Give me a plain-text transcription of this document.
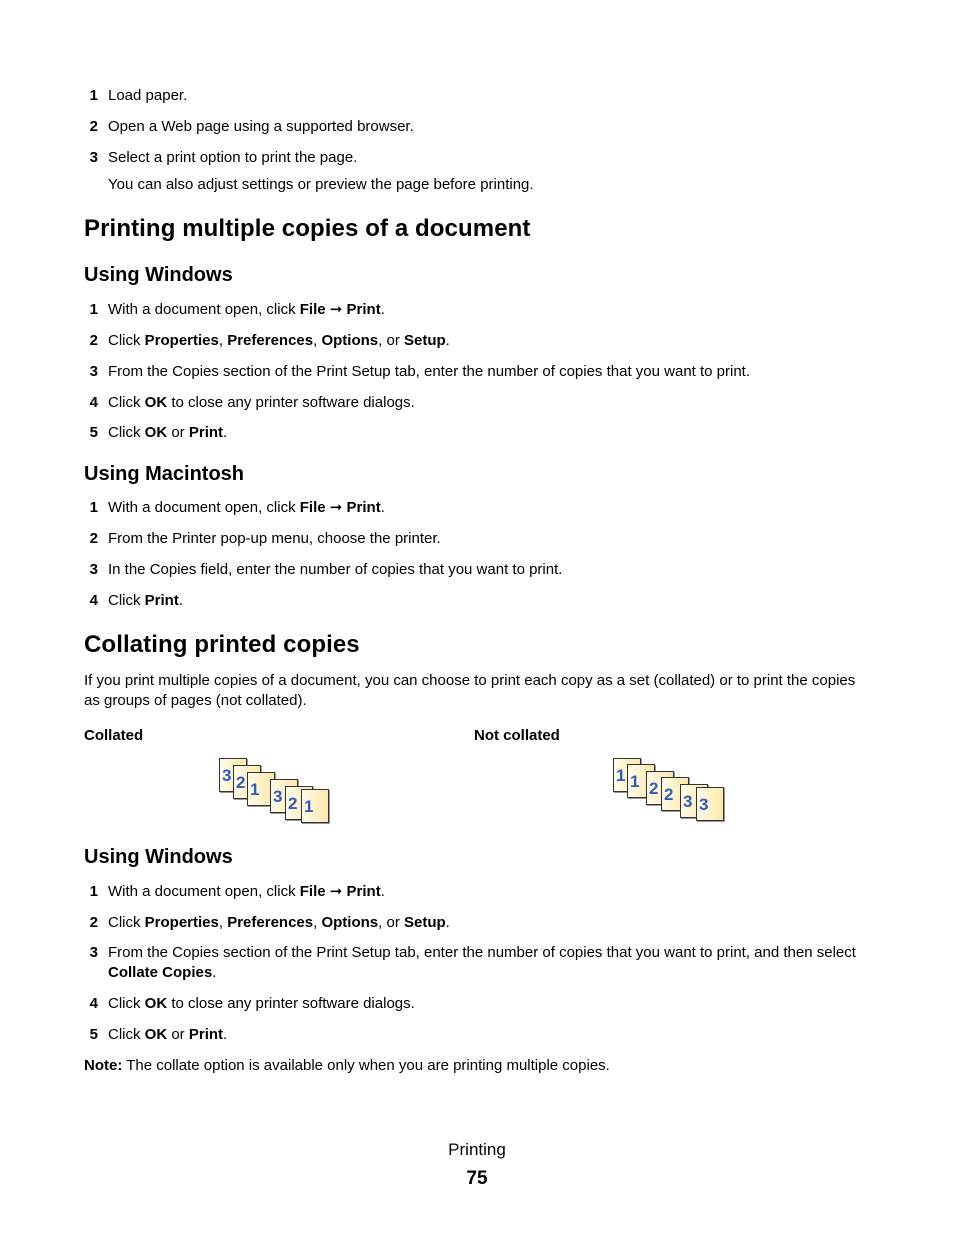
1 Load paper.
2 Open a Web page using a supported browser.
3 Select a print option to print the page.
You can also adjust settings or preview the page before printing.
Printing multiple copies of a document
Using Windows
1 With a document open, click File ➞ Print.
2 Click Properties, Preferences, Options, or Setup.
3 From the Copies section of the Print Setup tab, enter the number of copies that you want to print.
4 Click OK to close any printer software dialogs.
5 Click OK or Print.
Using Macintosh
1 With a document open, click File ➞ Print.
2 From the Printer pop-up menu, choose the printer.
3 In the Copies field, enter the number of copies that you want to print.
4 Click Print.
Collating printed copies
If you print multiple copies of a document, you can choose to print each copy as a set (collated) or to print the copies as groups of pages (not collated).
Collated	Not collated
3 2 1 3 2 1
1 1 2 2 3 3
Using Windows
1 With a document open, click File ➞ Print.
2 Click Properties, Preferences, Options, or Setup.
3 From the Copies section of the Print Setup tab, enter the number of copies that you want to print, and then select Collate Copies.
4 Click OK to close any printer software dialogs.
5 Click OK or Print.
Note: The collate option is available only when you are printing multiple copies.
Printing
75
